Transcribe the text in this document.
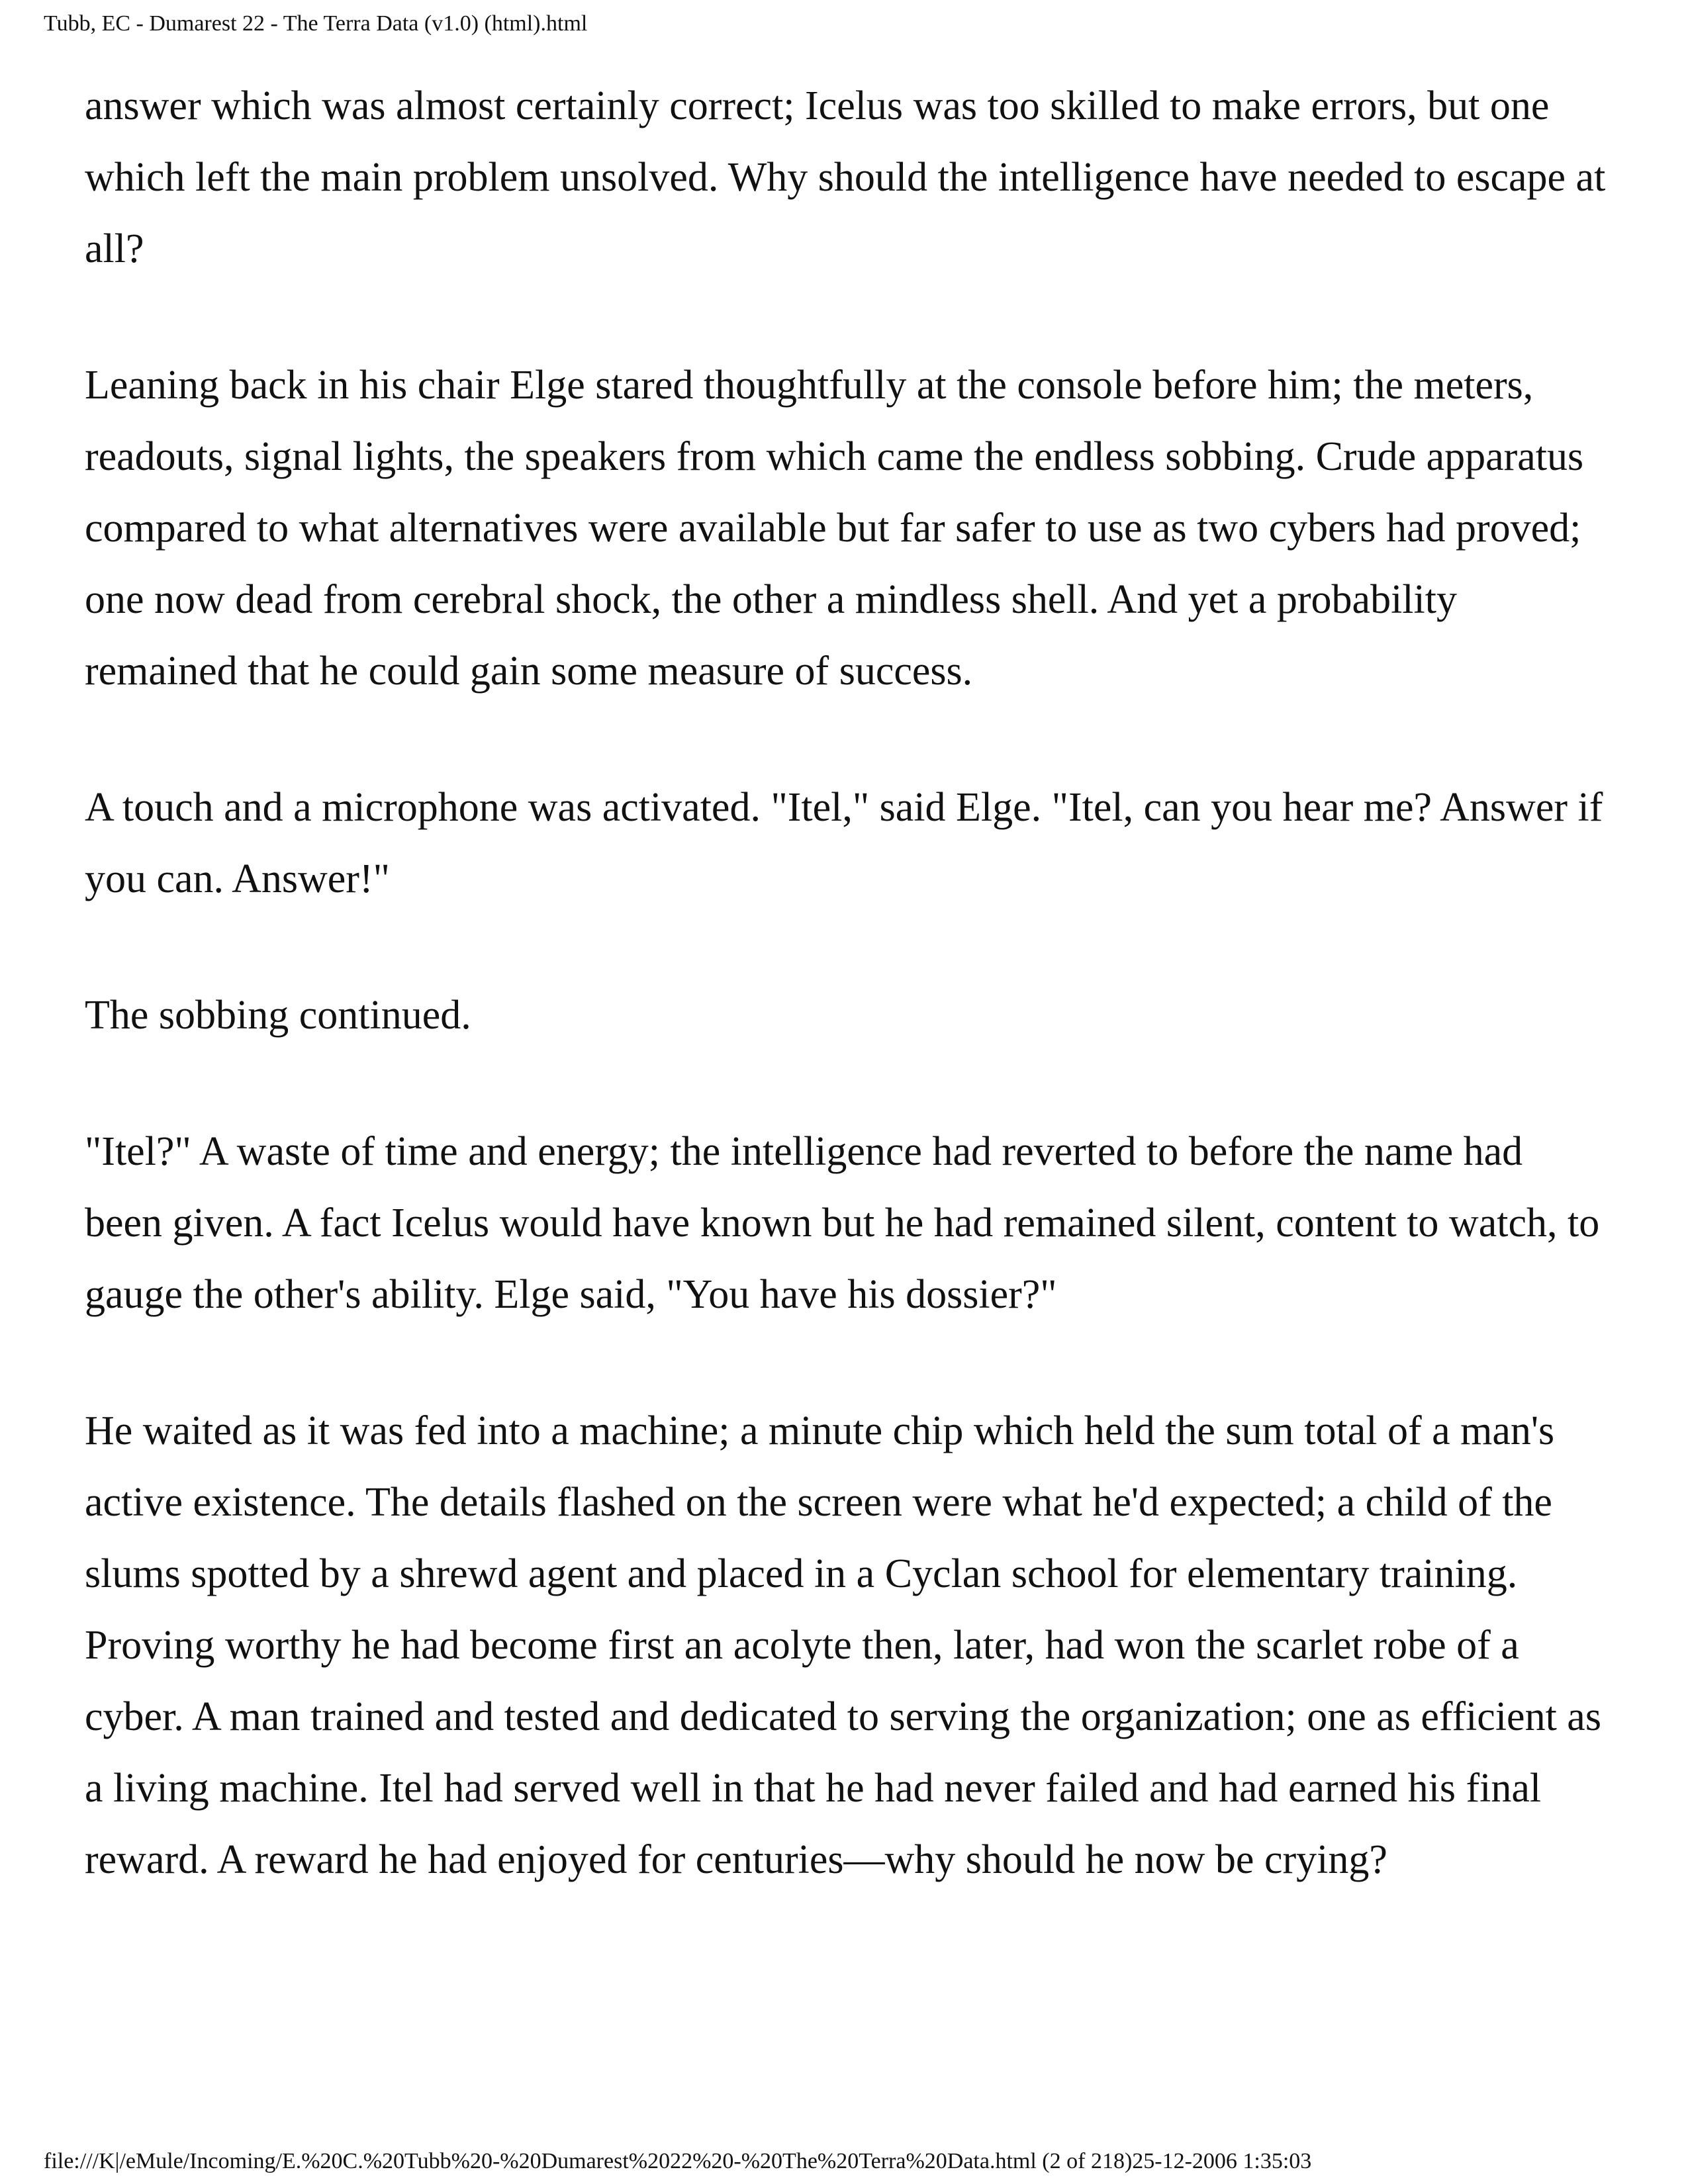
Tubb, EC - Dumarest 22 - The Terra Data (v1.0) (html).html

answer which was almost certainly correct; Icelus was too skilled to make errors, but one which left the main problem unsolved. Why should the intelligence have needed to escape at all?

Leaning back in his chair Elge stared thoughtfully at the console before him; the meters, readouts, signal lights, the speakers from which came the endless sobbing. Crude apparatus compared to what alternatives were available but far safer to use as two cybers had proved; one now dead from cerebral shock, the other a mindless shell. And yet a probability remained that he could gain some measure of success.

A touch and a microphone was activated. "Itel," said Elge. "Itel, can you hear me? Answer if you can. Answer!"

The sobbing continued.

"Itel?" A waste of time and energy; the intelligence had reverted to before the name had been given. A fact Icelus would have known but he had remained silent, content to watch, to gauge the other's ability. Elge said, "You have his dossier?"

He waited as it was fed into a machine; a minute chip which held the sum total of a man's active existence. The details flashed on the screen were what he'd expected; a child of the slums spotted by a shrewd agent and placed in a Cyclan school for elementary training. Proving worthy he had become first an acolyte then, later, had won the scarlet robe of a cyber. A man trained and tested and dedicated to serving the organization; one as efficient as a living machine. Itel had served well in that he had never failed and had earned his final reward. A reward he had enjoyed for centuries—why should he now be crying?

file:///K|/eMule/Incoming/E.%20C.%20Tubb%20-%20Dumarest%2022%20-%20The%20Terra%20Data.html (2 of 218)25-12-2006 1:35:03
